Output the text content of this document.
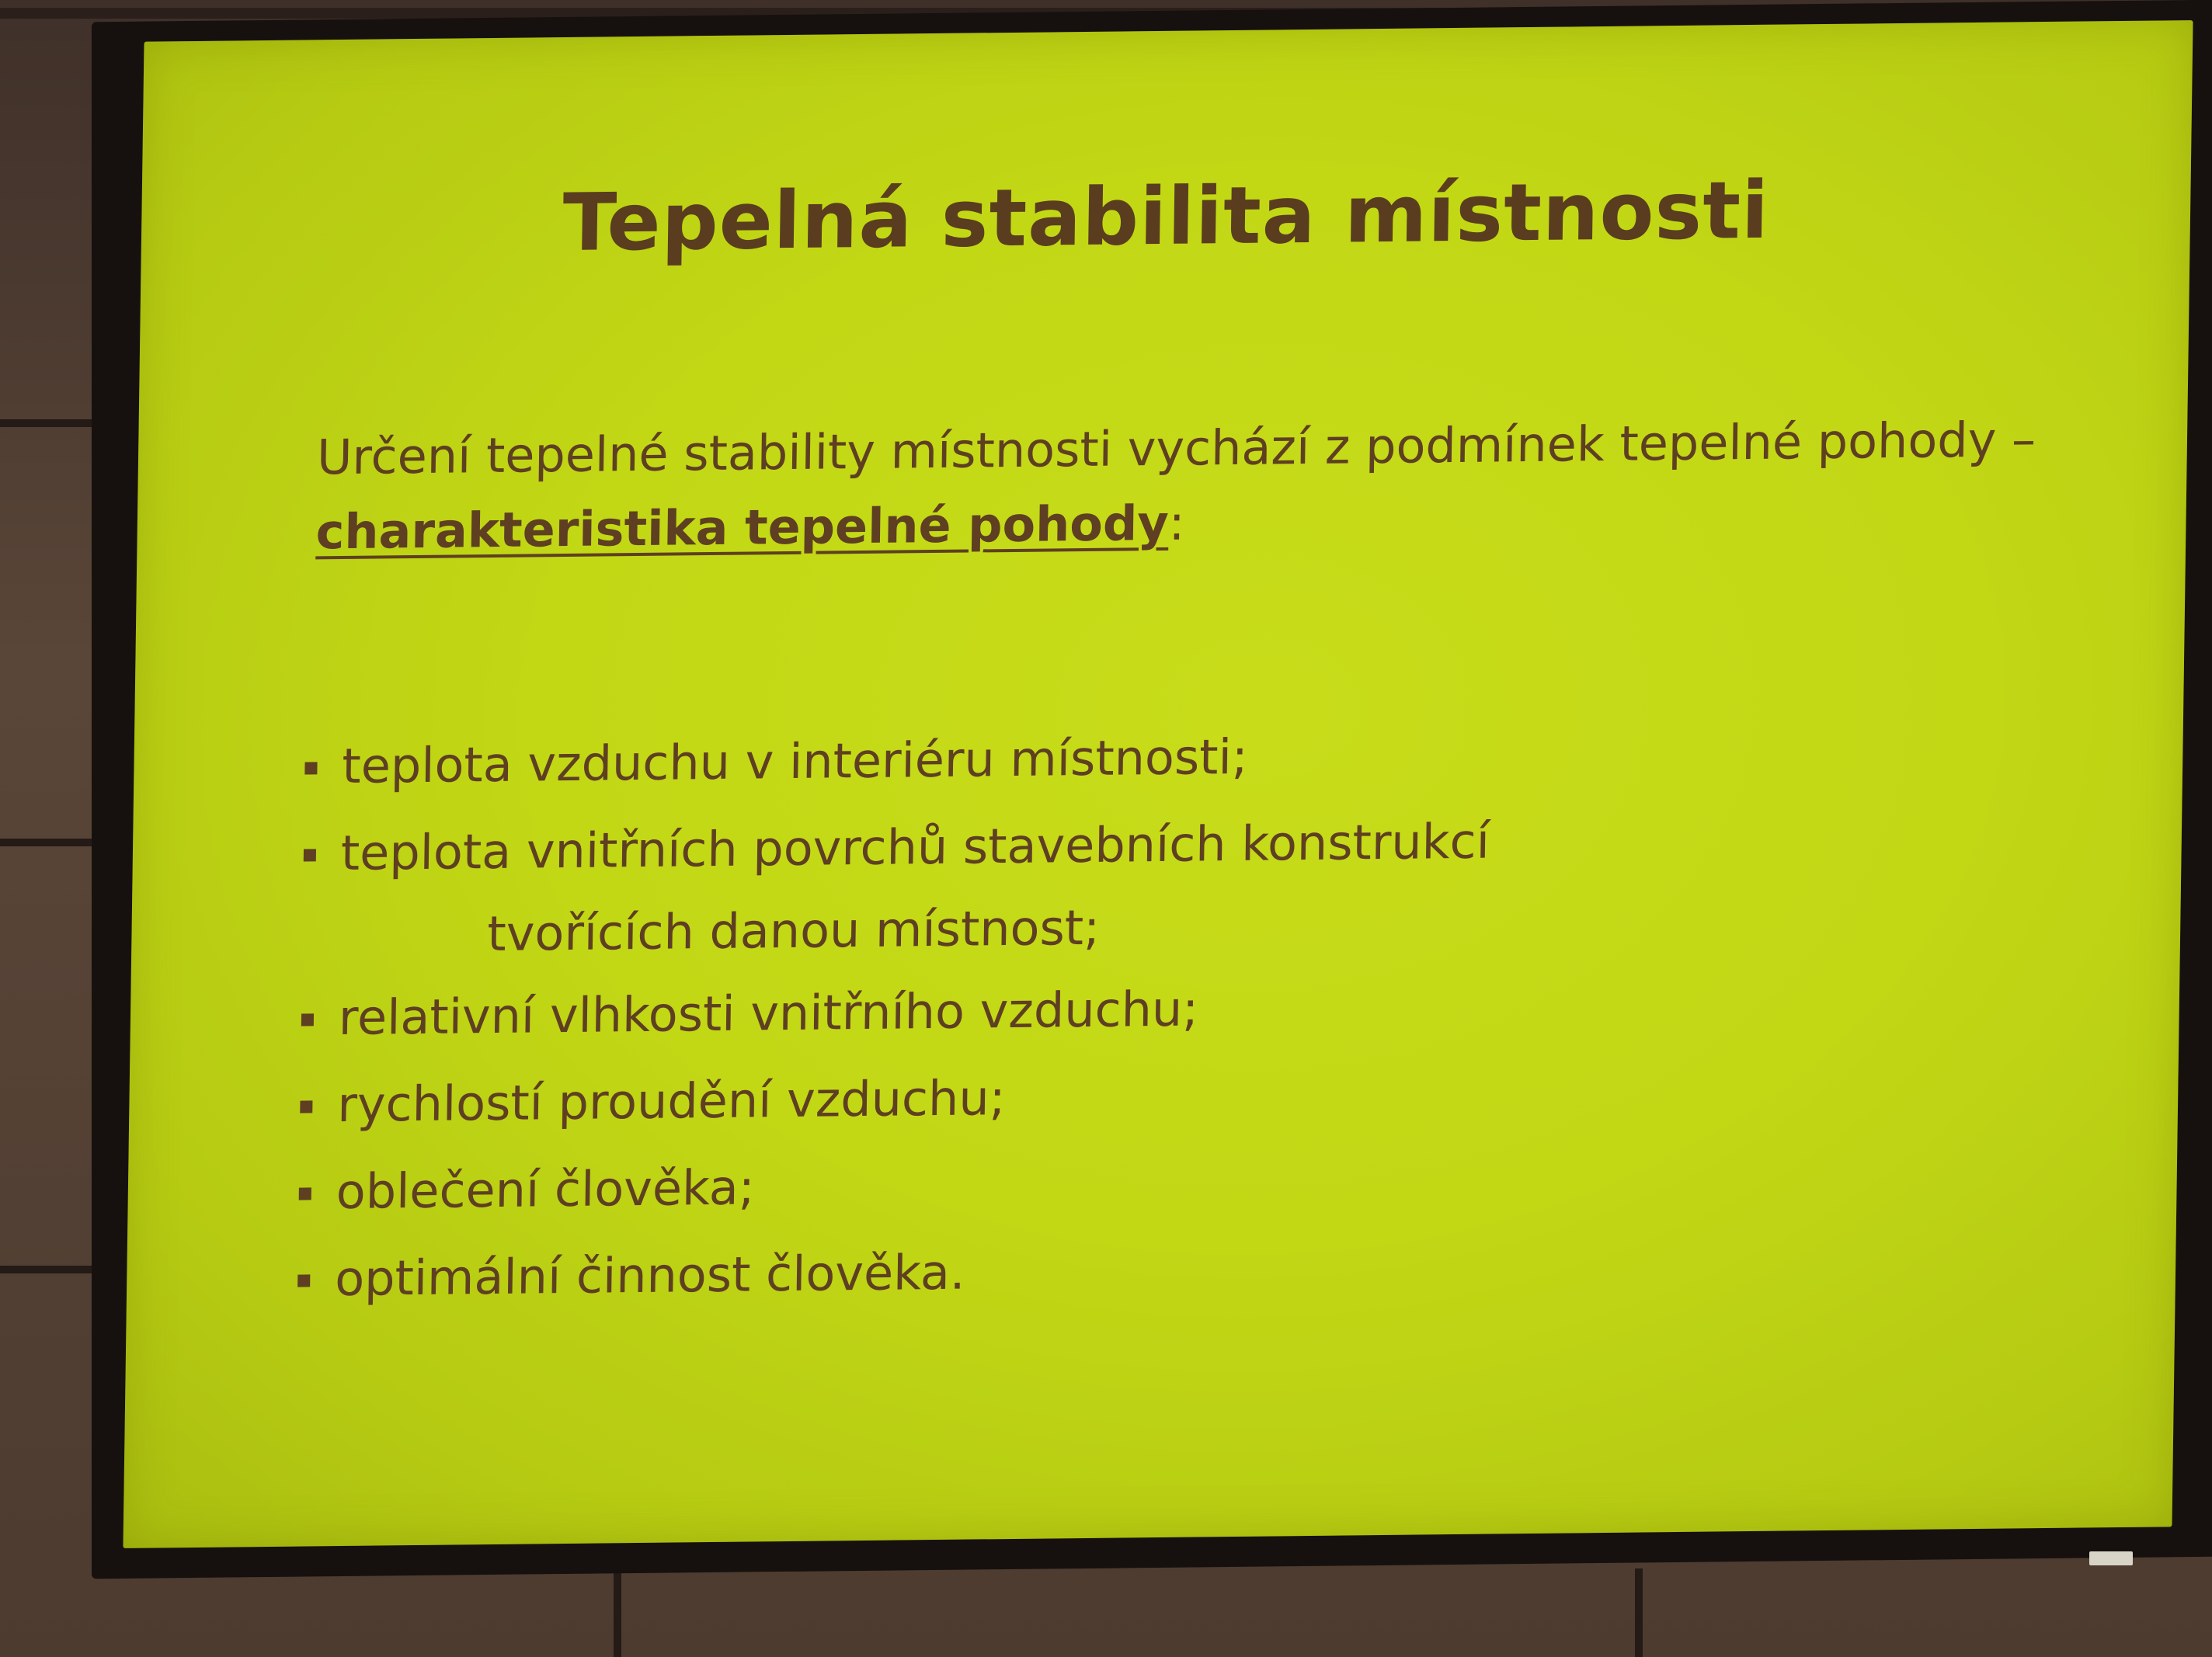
Tepelná stabilita místnosti
Určení tepelné stability místnosti vychází z podmínek tepelné pohody –
charakteristika tepelné pohody:
teplota vzduchu v interiéru místnosti;
teplota vnitřních povrchů stavebních konstrukcí
tvořících danou místnost;
relativní vlhkosti vnitřního vzduchu;
rychlostí proudění vzduchu;
oblečení člověka;
optimální činnost člověka.
